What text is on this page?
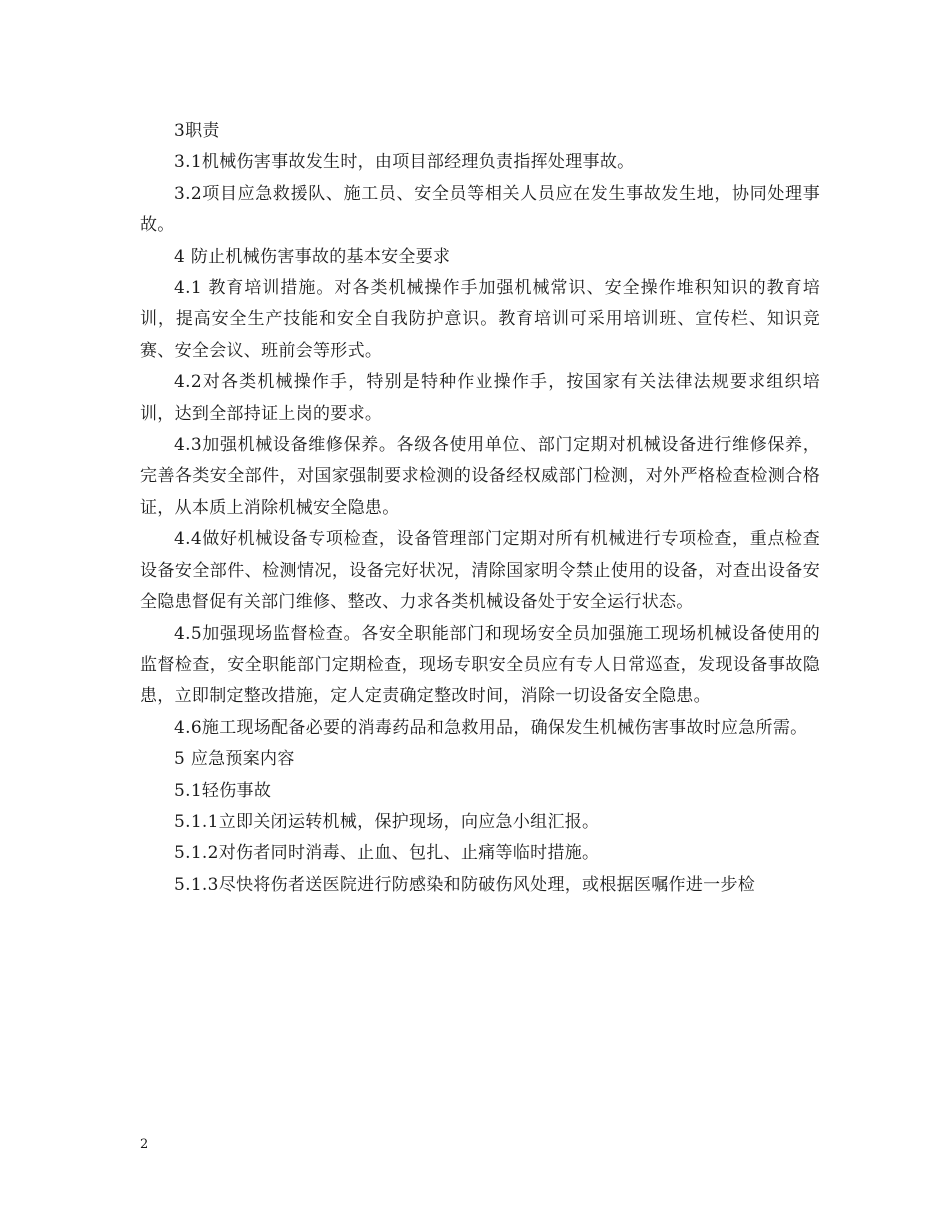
3职责

3.1机械伤害事故发生时，由项目部经理负责指挥处理事故。

3.2项目应急救援队、施工员、安全员等相关人员应在发生事故发生地，协同处理事故。

4 防止机械伤害事故的基本安全要求

4.1 教育培训措施。对各类机械操作手加强机械常识、安全操作堆积知识的教育培训，提高安全生产技能和安全自我防护意识。教育培训可采用培训班、宣传栏、知识竞赛、安全会议、班前会等形式。

4.2对各类机械操作手，特别是特种作业操作手，按国家有关法律法规要求组织培训，达到全部持证上岗的要求。

4.3加强机械设备维修保养。各级各使用单位、部门定期对机械设备进行维修保养，完善各类安全部件，对国家强制要求检测的设备经权威部门检测，对外严格检查检测合格证，从本质上消除机械安全隐患。

4.4做好机械设备专项检查，设备管理部门定期对所有机械进行专项检查，重点检查设备安全部件、检测情况，设备完好状况，清除国家明令禁止使用的设备，对查出设备安全隐患督促有关部门维修、整改、力求各类机械设备处于安全运行状态。

4.5加强现场监督检查。各安全职能部门和现场安全员加强施工现场机械设备使用的监督检查，安全职能部门定期检查，现场专职安全员应有专人日常巡查，发现设备事故隐患，立即制定整改措施，定人定责确定整改时间，消除一切设备安全隐患。

4.6施工现场配备必要的消毒药品和急救用品，确保发生机械伤害事故时应急所需。

5 应急预案内容

5.1轻伤事故

5.1.1立即关闭运转机械，保护现场，向应急小组汇报。

5.1.2对伤者同时消毒、止血、包扎、止痛等临时措施。

5.1.3尽快将伤者送医院进行防感染和防破伤风处理，或根据医嘱作进一步检

2
